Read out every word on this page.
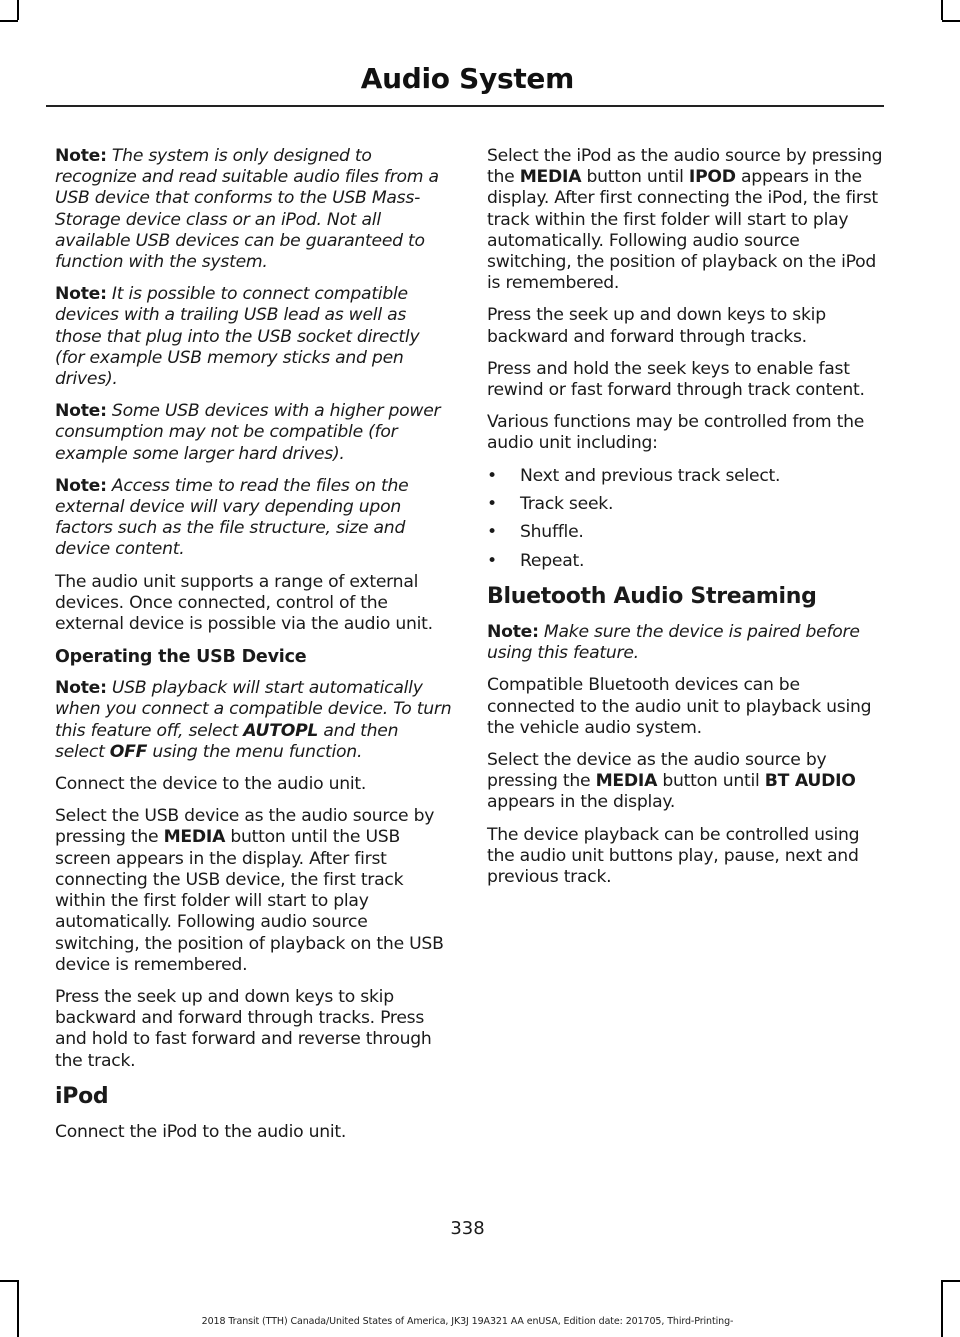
Audio System

Note: The system is only designed to recognize and read suitable audio files from a USB device that conforms to the USB Mass-Storage device class or an iPod. Not all available USB devices can be guaranteed to function with the system.

Note: It is possible to connect compatible devices with a trailing USB lead as well as those that plug into the USB socket directly (for example USB memory sticks and pen drives).

Note: Some USB devices with a higher power consumption may not be compatible (for example some larger hard drives).

Note: Access time to read the files on the external device will vary depending upon factors such as the file structure, size and device content.

The audio unit supports a range of external devices. Once connected, control of the external device is possible via the audio unit.

Operating the USB Device

Note: USB playback will start automatically when you connect a compatible device. To turn this feature off, select AUTOPL and then select OFF using the menu function.

Connect the device to the audio unit.

Select the USB device as the audio source by pressing the MEDIA button until the USB screen appears in the display. After first connecting the USB device, the first track within the first folder will start to play automatically. Following audio source switching, the position of playback on the USB device is remembered.

Press the seek up and down keys to skip backward and forward through tracks. Press and hold to fast forward and reverse through the track.

iPod

Connect the iPod to the audio unit.

Select the iPod as the audio source by pressing the MEDIA button until IPOD appears in the display. After first connecting the iPod, the first track within the first folder will start to play automatically. Following audio source switching, the position of playback on the iPod is remembered.

Press the seek up and down keys to skip backward and forward through tracks.

Press and hold the seek keys to enable fast rewind or fast forward through track content.

Various functions may be controlled from the audio unit including:

• Next and previous track select.
• Track seek.
• Shuffle.
• Repeat.
Bluetooth Audio Streaming

Note: Make sure the device is paired before using this feature.

Compatible Bluetooth devices can be connected to the audio unit to playback using the vehicle audio system.

Select the device as the audio source by pressing the MEDIA button until BT AUDIO appears in the display.

The device playback can be controlled using the audio unit buttons play, pause, next and previous track.

338
2018 Transit (TTH) Canada/United States of America, JK3J 19A321 AA enUSA, Edition date: 201705, Third-Printing-
